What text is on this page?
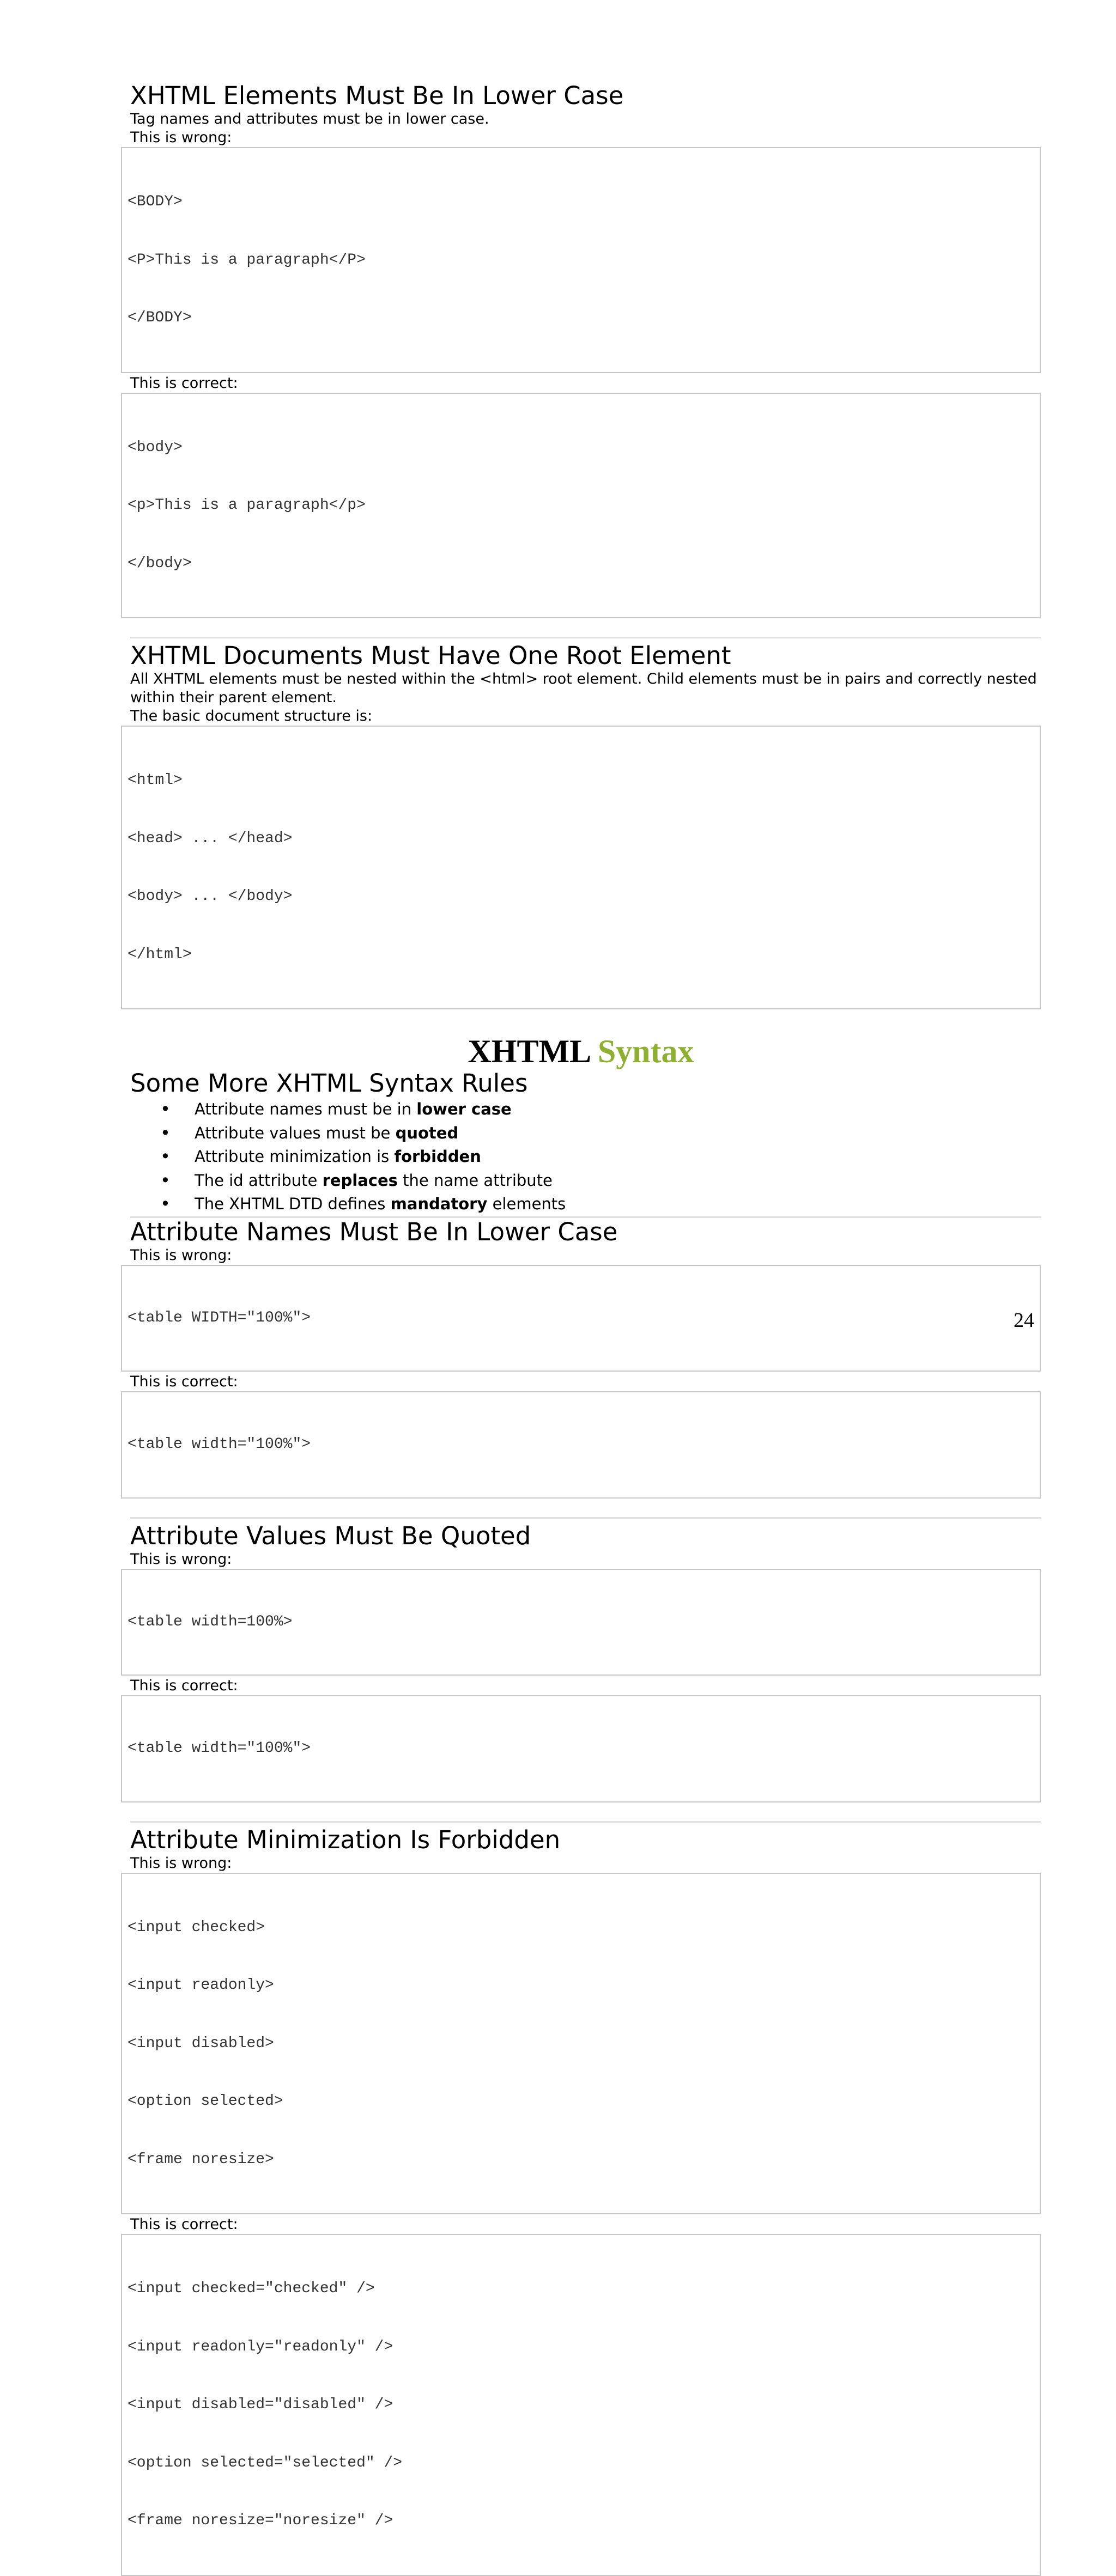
XHTML Elements Must Be In Lower Case

Tag names and attributes must be in lower case.

This is wrong:

<BODY>

<P>This is a paragraph</P>

</BODY>

This is correct:

<body>

<p>This is a paragraph</p>

</body>

XHTML Documents Must Have One Root Element

All XHTML elements must be nested within the <html> root element. Child elements must be in pairs and correctly nested within their parent element.

The basic document structure is:

<html>

<head> ... </head>

<body> ... </body>

</html>

XHTML Syntax
Some More XHTML Syntax Rules
• Attribute names must be in lower case
• Attribute values must be quoted
• Attribute minimization is forbidden
• The id attribute replaces the name attribute
• The XHTML DTD defines mandatory elements
Attribute Names Must Be In Lower Case

This is wrong:

<table WIDTH="100%">

This is correct:

<table width="100%">

Attribute Values Must Be Quoted

This is wrong:

<table width=100%>

This is correct:

<table width="100%">

Attribute Minimization Is Forbidden

This is wrong:

<input checked>

<input readonly>

<input disabled>

<option selected>

<frame noresize>

This is correct:

<input checked="checked" />

<input readonly="readonly" />

<input disabled="disabled" />

<option selected="selected" />

<frame noresize="noresize" />

24
